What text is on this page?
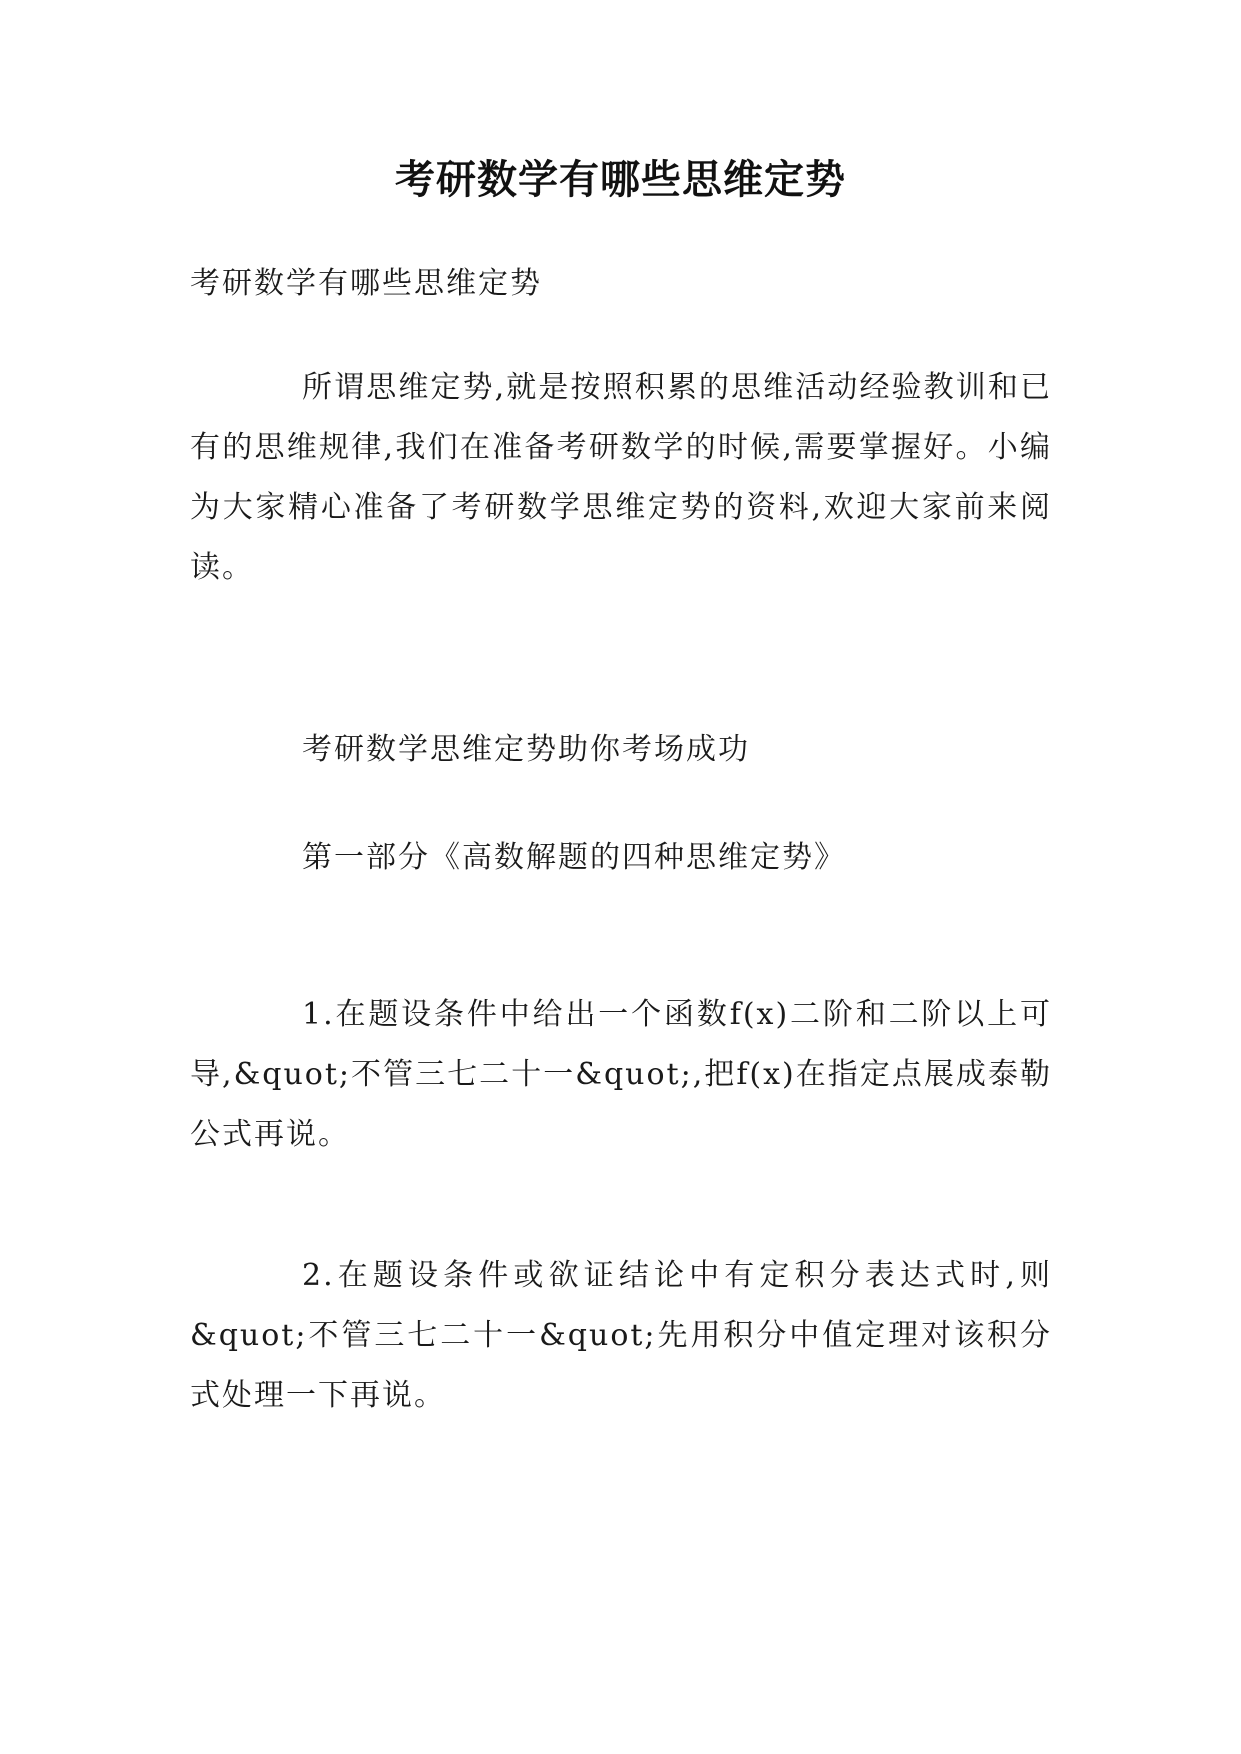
考研数学有哪些思维定势

考研数学有哪些思维定势

所谓思维定势,就是按照积累的思维活动经验教训和已有的思维规律,我们在准备考研数学的时候,需要掌握好。小编为大家精心准备了考研数学思维定势的资料,欢迎大家前来阅读。

考研数学思维定势助你考场成功

第一部分《高数解题的四种思维定势》

1.在题设条件中给出一个函数f(x)二阶和二阶以上可导,&quot;不管三七二十一&quot;,把f(x)在指定点展成泰勒公式再说。

2.在题设条件或欲证结论中有定积分表达式时,则&quot;不管三七二十一&quot;先用积分中值定理对该积分式处理一下再说。
